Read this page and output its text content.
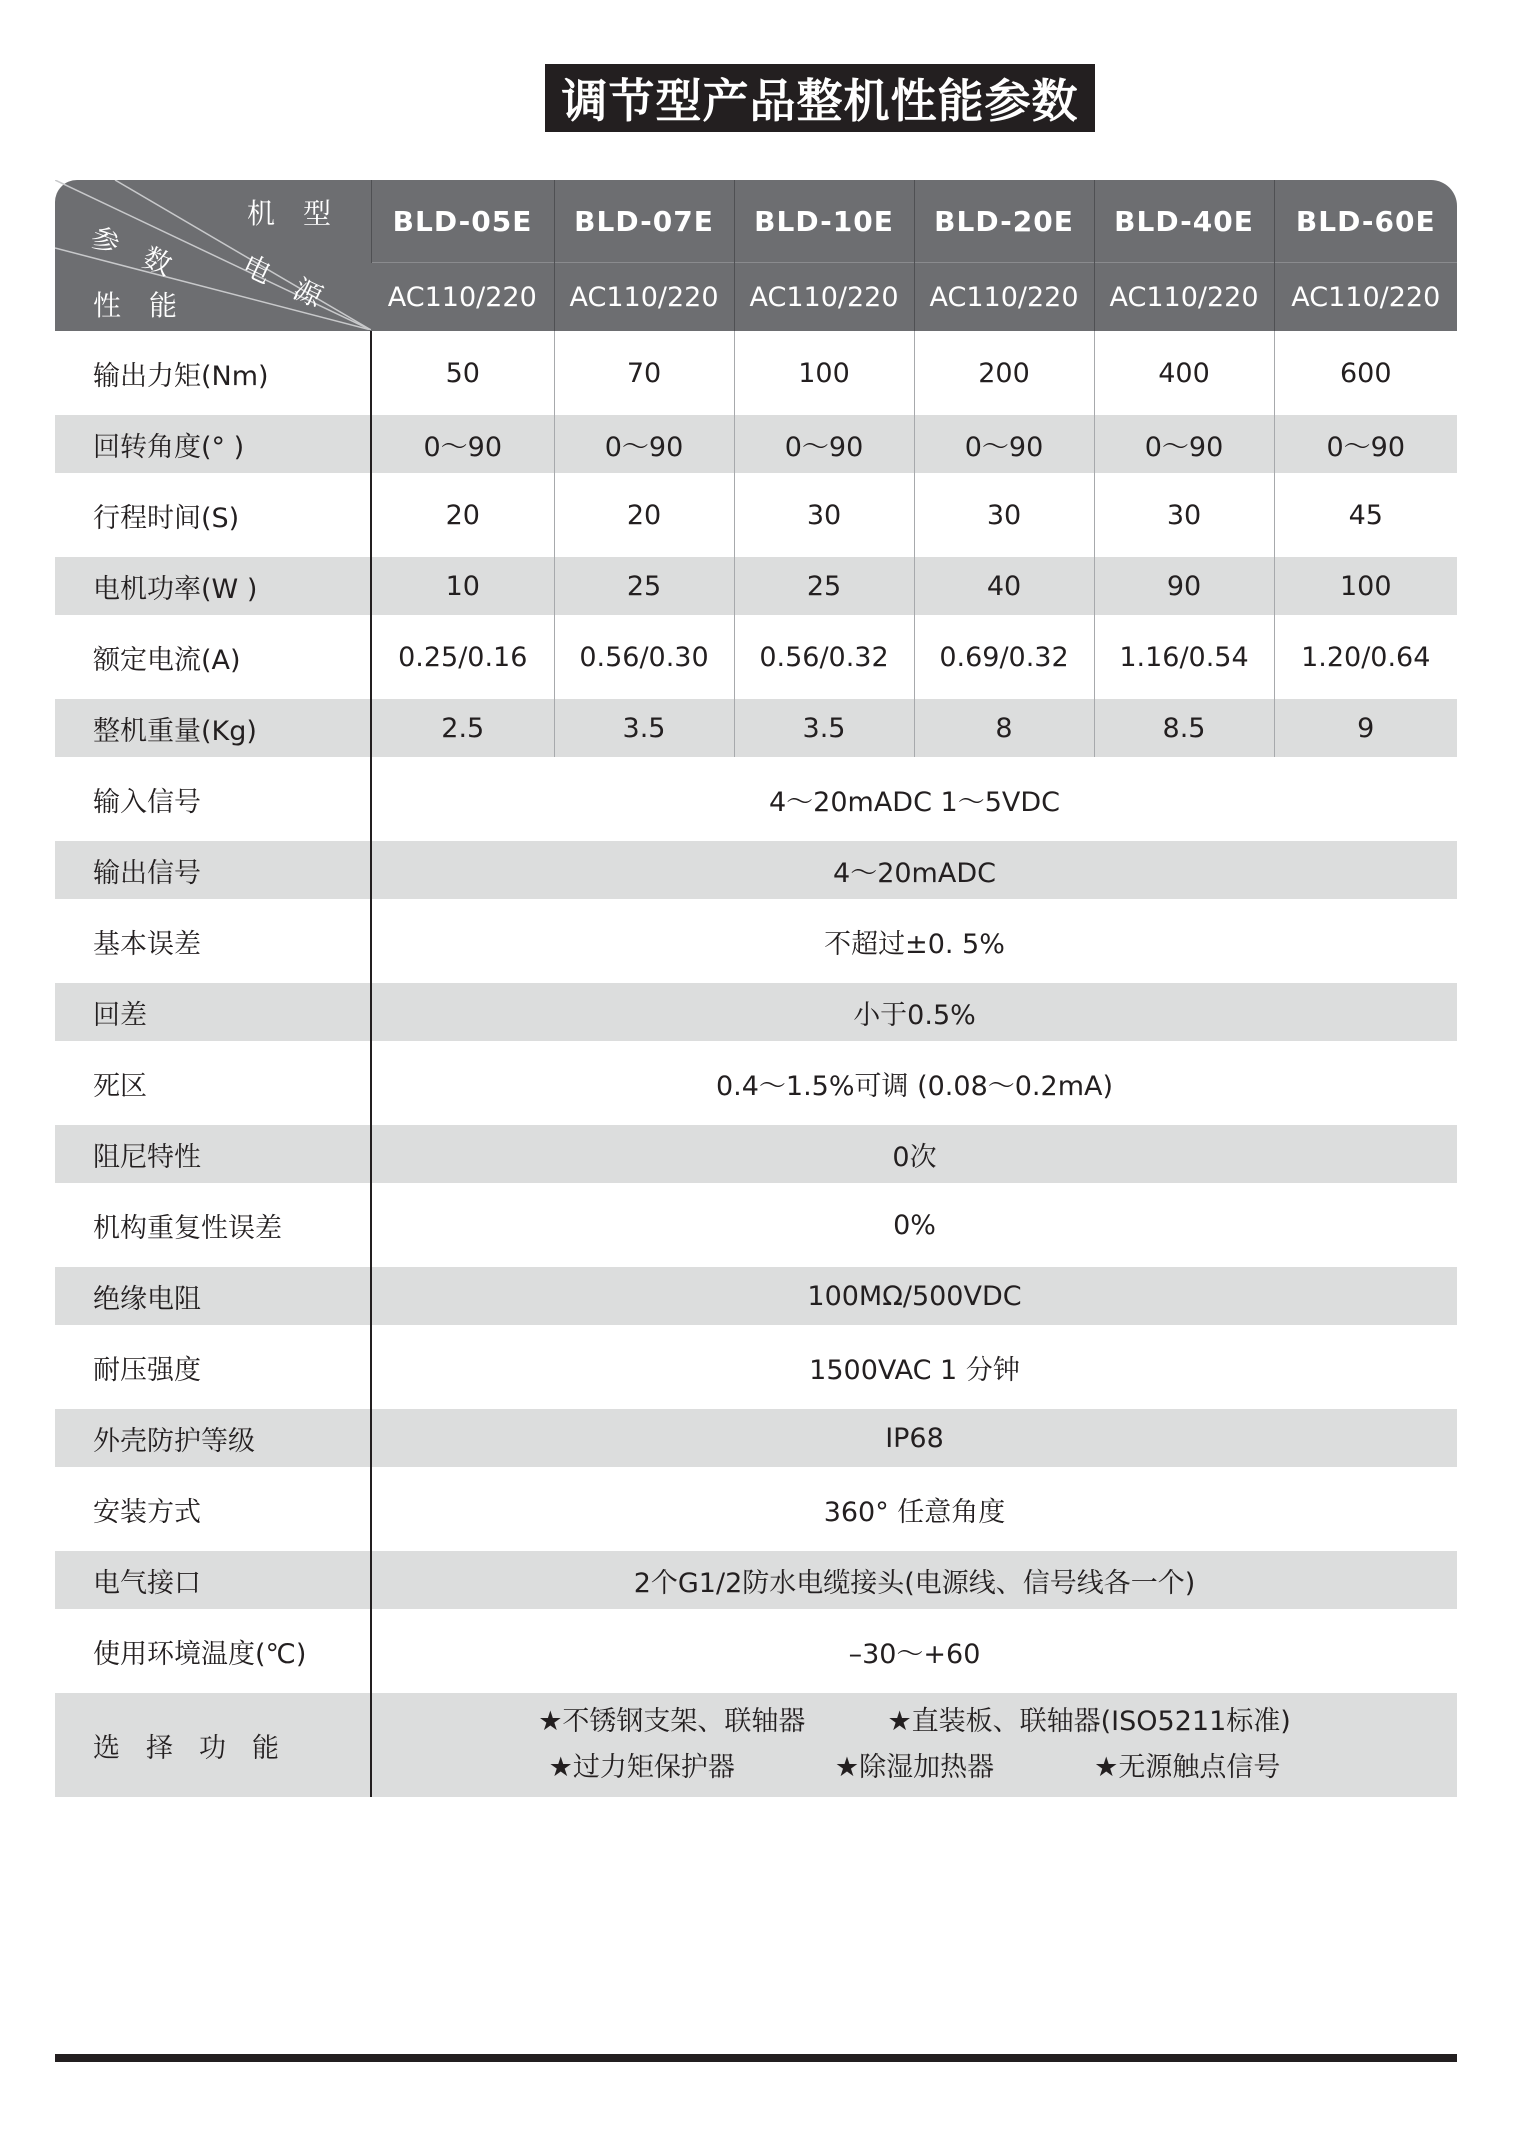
调节型产品整机性能参数
机　型
电　源
参　数
性　能	BLD-05E	BLD-07E	BLD-10E	BLD-20E	BLD-40E	BLD-60E
	AC110/220	AC110/220	AC110/220	AC110/220	AC110/220	AC110/220
输出力矩(Nm)	50	70	100	200	400	600
回转角度(° )	0～90	0～90	0～90	0～90	0～90	0～90
行程时间(S)	20	20	30	30	30	45
电机功率(W )	10	25	25	40	90	100
额定电流(A)	0.25/0.16	0.56/0.30	0.56/0.32	0.69/0.32	1.16/0.54	1.20/0.64
整机重量(Kg)	2.5	3.5	3.5	8	8.5	9
输入信号	4～20mADC 1～5VDC					
输出信号	4～20mADC					
基本误差	不超过±0. 5%					
回差	小于0.5%					
死区	0.4～1.5%可调 (0.08～0.2mA)					
阻尼特性	0次					
机构重复性误差	0%					
绝缘电阻	100MΩ/500VDC					
耐压强度	1500VAC 1 分钟					
外壳防护等级	IP68					
安装方式	360° 任意角度					
电气接口	2个G1/2防水电缆接头(电源线、信号线各一个)					
使用环境温度(℃)	–30～+60					
选择功能	★不锈钢支架、联轴器 ★直装板、联轴器(ISO5211标准)
★过力矩保护器 ★除湿加热器 ★无源触点信号					
